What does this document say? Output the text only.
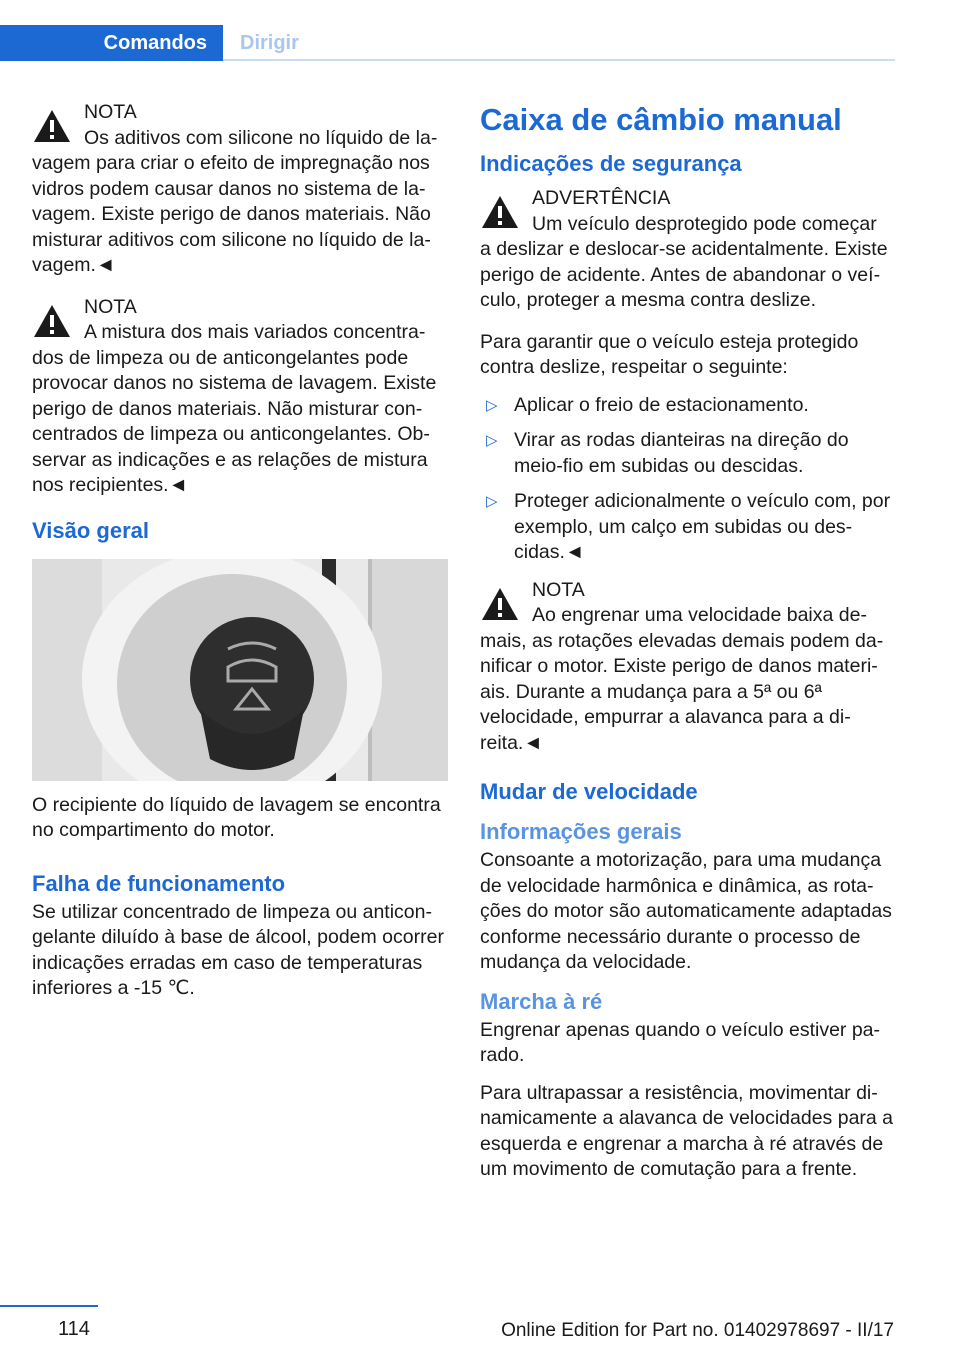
Comandos	Dirigir
NOTA
Os aditivos com silicone no líquido de la-

vagem para criar o efeito de impregnação nos vidros podem causar danos no sistema de lavagem. Existe perigo de danos materiais. Não misturar aditivos com silicone no líquido de lavagem.◄

NOTA
A mistura dos mais variados concentra-

dos de limpeza ou de anticongelantes pode provocar danos no sistema de lavagem. Existe perigo de danos materiais. Não misturar concentrados de limpeza ou anticongelantes. Observar as indicações e as relações de mistura nos recipientes.◄

Visão geral

O recipiente do líquido de lavagem se encontra no compartimento do motor.

Falha de funcionamento

Se utilizar concentrado de limpeza ou anticongelante diluído à base de álcool, podem ocorrer indicações erradas em caso de temperaturas inferiores a -15 ℃.

Caixa de câmbio manual
Indicações de segurança
ADVERTÊNCIA
Um veículo desprotegido pode começar

a deslizar e deslocar-se acidentalmente. Existe perigo de acidente. Antes de abandonar o veículo, proteger a mesma contra deslize.

Para garantir que o veículo esteja protegido contra deslize, respeitar o seguinte:

▷ Aplicar o freio de estacionamento.
▷ Virar as rodas dianteiras na direção do meio-fio em subidas ou descidas.
▷ Proteger adicionalmente o veículo com, por exemplo, um calço em subidas ou descidas.◄
NOTA
Ao engrenar uma velocidade baixa de-

mais, as rotações elevadas demais podem danificar o motor. Existe perigo de danos materiais. Durante a mudança para a 5ª ou 6ª velocidade, empurrar a alavanca para a direita.◄

Mudar de velocidade
Informações gerais

Consoante a motorização, para uma mudança de velocidade harmônica e dinâmica, as rotações do motor são automaticamente adaptadas conforme necessário durante o processo de mudança da velocidade.

Marcha à ré

Engrenar apenas quando o veículo estiver parado.

Para ultrapassar a resistência, movimentar dinamicamente a alavanca de velocidades para a esquerda e engrenar a marcha à ré através de um movimento de comutação para a frente.

114	Online Edition for Part no. 01402978697 - II/17
